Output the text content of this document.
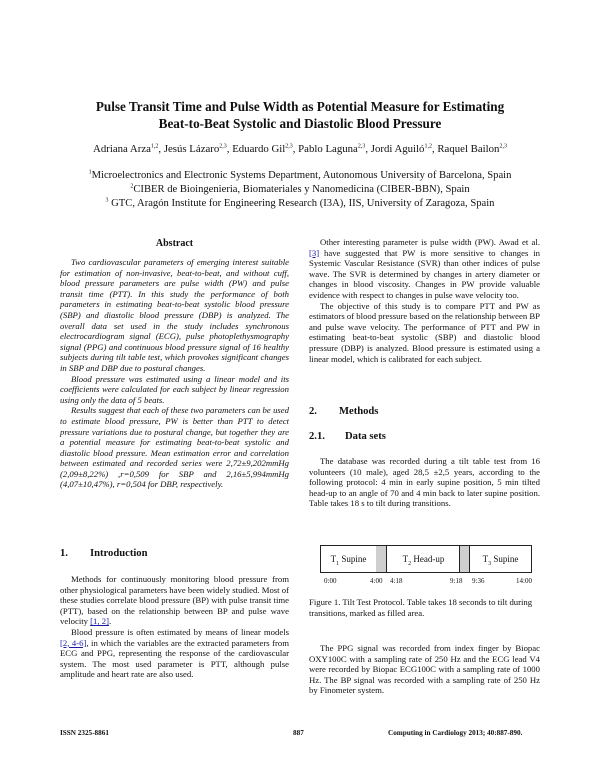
Pulse Transit Time and Pulse Width as Potential Measure for Estimating
Beat-to-Beat Systolic and Diastolic Blood Pressure
Adriana Arza$^{1,2}$, Jesús Lázaro$^{2,3}$, Eduardo Gil$^{2,3}$, Pablo Laguna$^{2,3}$, Jordi Aguiló$^{1,2}$, Raquel Bailon$^{2,3}$
$^1$Microelectronics and Electronic Systems Department, Autonomous University of Barcelona, Spain
$^2$CIBER de Bioingenieria, Biomateriales y Nanomedicina (CIBER-BBN), Spain
$^3$ GTC, Aragón Institute for Engineering Research (I3A), IIS, University of Zaragoza, Spain
Abstract

Two cardiovascular parameters of emerging interest suitable for estimation of non-invasive, beat-to-beat, and without cuff, blood pressure parameters are pulse width (PW) and pulse transit time (PTT). In this study the performance of both parameters in estimating beat-to-beat systolic blood pressure (SBP) and diastolic blood pressure (DBP) is analyzed. The overall data set used in the study includes synchronous electrocardiogram signal (ECG), pulse photoplethysmography signal (PPG) and continuous blood pressure signal of 16 healthy subjects during tilt table test, which provokes significant changes in SBP and DBP due to postural changes.

Blood pressure was estimated using a linear model and its coefficients were calculated for each subject by linear regression using only the data of 5 beats.

Results suggest that each of these two parameters can be used to estimate blood pressure, PW is better than PTT to detect pressure variations due to postural change, but together they are a potential measure for estimating beat-to-beat systolic and diastolic blood pressure. Mean estimation error and correlation between estimated and recorded series were 2,72±9,202mmHg (2,09±8,22%) ,r=0,509 for SBP and 2,16±5,994mmHg (4,07±10,47%), r=0,504 for DBP, respectively.

1. Introduction

Methods for continuously monitoring blood pressure from other physiological parameters have been widely studied. Most of these studies correlate blood pressure (BP) with pulse transit time (PTT), based on the relationship between BP and pulse wave velocity [1, 2].

Blood pressure is often estimated by means of linear models [2, 4-6], in which the variables are the extracted parameters from ECG and PPG, representing the response of the cardiovascular system. The most used parameter is PTT, although pulse amplitude and heart rate are also used.

Other interesting parameter is pulse width (PW). Awad et al. [3] have suggested that PW is more sensitive to changes in Systemic Vascular Resistance (SVR) than other indices of pulse wave. The SVR is determined by changes in artery diameter or changes in blood viscosity. Changes in PW provide valuable evidence with respect to changes in pulse wave velocity too.

The objective of this study is to compare PTT and PW as estimators of blood pressure based on the relationship between BP and pulse wave velocity. The performance of PTT and PW in estimating beat-to-beat systolic (SBP) and diastolic blood pressure (DBP) is analyzed. Blood pressure is estimated using a linear model, which is calibrated for each subject.

2. Methods
2.1. Data sets

The database was recorded during a tilt table test from 16 volunteers (10 male), aged 28,5 ±2,5 years, according to the following protocol: 4 min in early supine position, 5 min tilted head-up to an angle of 70 and 4 min back to later supine position. Table takes 18 s to tilt during transitions.

$T_1$ Supine	$T_2$ Head-up	$T_3$ Supine
0:00	4:00 4:18	9:18 9:36	14:00
Figure 1. Tilt Test Protocol. Table takes 18 seconds to tilt during transitions, marked as filled area.

The PPG signal was recorded from index finger by Biopac OXY100C with a sampling rate of 250 Hz and the ECG lead V4 were recorded by Biopac ECG100C with a sampling rate of 1000 Hz. The BP signal was recorded with a sampling rate of 250 Hz by Finometer system.

ISSN 2325-8861	887	Computing in Cardiology 2013; 40:887-890.
